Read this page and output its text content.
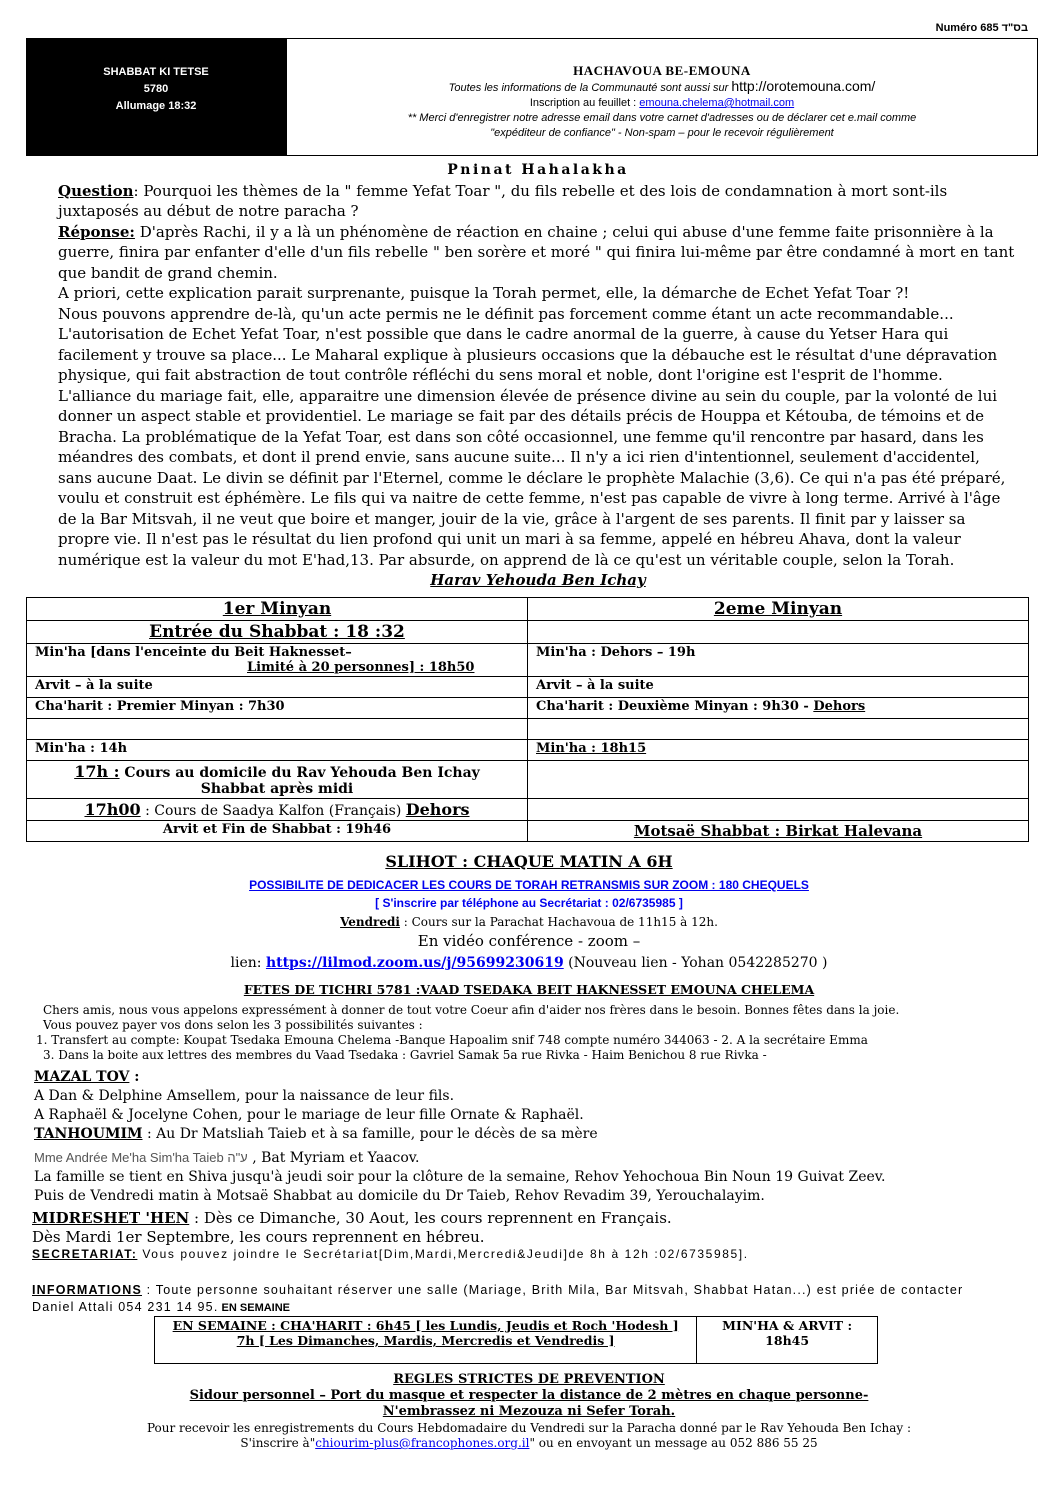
Numéro 685 בס"ד
SHABBAT KI TETSE
5780
Allumage 18:32
HACHAVOUA BE-EMOUNA
Toutes les informations de la Communauté sont aussi sur http://orotemouna.com/
Inscription au feuillet : emouna.chelema@hotmail.com
** Merci d'enregistrer notre adresse email dans votre carnet d'adresses ou de déclarer cet e.mail comme
"expéditeur de confiance" - Non-spam – pour le recevoir régulièrement
Pninat Hahalakha

Question: Pourquoi les thèmes de la " femme Yefat Toar ", du fils rebelle et des lois de condamnation à mort sont-ils juxtaposés au début de notre paracha ?

Réponse: D'après Rachi, il y a là un phénomène de réaction en chaine ; celui qui abuse d'une femme faite prisonnière à la guerre, finira par enfanter d'elle d'un fils rebelle " ben sorère et moré " qui finira lui-même par être condamné à mort en tant que bandit de grand chemin.

A priori, cette explication parait surprenante, puisque la Torah permet, elle, la démarche de Echet Yefat Toar ?!

Nous pouvons apprendre de-là, qu'un acte permis ne le définit pas forcement comme étant un acte recommandable... L'autorisation de Echet Yefat Toar, n'est possible que dans le cadre anormal de la guerre, à cause du Yetser Hara qui facilement y trouve sa place... Le Maharal explique à plusieurs occasions que la débauche est le résultat d'une dépravation physique, qui fait abstraction de tout contrôle réfléchi du sens moral et noble, dont l'origine est l'esprit de l'homme. L'alliance du mariage fait, elle, apparaitre une dimension élevée de présence divine au sein du couple, par la volonté de lui donner un aspect stable et providentiel. Le mariage se fait par des détails précis de Houppa et Kétouba, de témoins et de Bracha. La problématique de la Yefat Toar, est dans son côté occasionnel, une femme qu'il rencontre par hasard, dans les méandres des combats, et dont il prend envie, sans aucune suite... Il n'y a ici rien d'intentionnel, seulement d'accidentel, sans aucune Daat. Le divin se définit par l'Eternel, comme le déclare le prophète Malachie (3,6). Ce qui n'a pas été préparé, voulu et construit est éphémère. Le fils qui va naitre de cette femme, n'est pas capable de vivre à long terme. Arrivé à l'âge de la Bar Mitsvah, il ne veut que boire et manger, jouir de la vie, grâce à l'argent de ses parents. Il finit par y laisser sa propre vie. Il n'est pas le résultat du lien profond qui unit un mari à sa femme, appelé en hébreu Ahava, dont la valeur numérique est la valeur du mot E'had,13. Par absurde, on apprend de là ce qu'est un véritable couple, selon la Torah.

Harav Yehouda Ben Ichay
1er Minyan	2eme Minyan
Entrée du Shabbat : 18 :32	

Min'ha [dans l'enceinte du Beit Haknesset–
Limité à 20 personnes] : 18h50	Min'ha : Dehors – 19h
Arvit – à la suite	Arvit – à la suite
Cha'harit : Premier Minyan : 7h30	Cha'harit : Deuxième Minyan : 9h30 - Dehors

Min'ha : 14h	Min'ha : 18h15

17h : Cours au domicile du Rav Yehouda Ben Ichay
Shabbat après midi	

17h00 : Cours de Saadya Kalfon (Français) Dehors	
Arvit et Fin de Shabbat : 19h46	Motsaë Shabbat : Birkat Halevana
SLIHOT : CHAQUE MATIN A 6H
POSSIBILITE DE DEDICACER LES COURS DE TORAH RETRANSMIS SUR ZOOM : 180 CHEQUELS
[ S'inscrire par téléphone au Secrétariat : 02/6735985 ]
Vendredi : Cours sur la Parachat Hachavoua de 11h15 à 12h.
En vidéo conférence - zoom –
lien: https://lilmod.zoom.us/j/95699230619 (Nouveau lien - Yohan 0542285270 )
FETES DE TICHRI 5781 :VAAD TSEDAKA BEIT HAKNESSET EMOUNA CHELEMA
Chers amis, nous vous appelons expressément à donner de tout votre Coeur afin d'aider nos frères dans le besoin. Bonnes fêtes dans la joie.
Vous pouvez payer vos dons selon les 3 possibilités suivantes :
1. Transfert au compte: Koupat Tsedaka Emouna Chelema -Banque Hapoalim snif 748 compte numéro 344063 - 2. A la secrétaire Emma
3. Dans la boite aux lettres des membres du Vaad Tsedaka : Gavriel Samak 5a rue Rivka - Haim Benichou 8 rue Rivka -
MAZAL TOV :
A Dan & Delphine Amsellem, pour la naissance de leur fils.
A Raphaël & Jocelyne Cohen, pour le mariage de leur fille Ornate & Raphaël.
TANHOUMIM : Au Dr Matsliah Taieb et à sa famille, pour le décès de sa mère
Mme Andrée Me'ha Sim'ha Taieb ע"ה , Bat Myriam et Yaacov.
La famille se tient en Shiva jusqu'à jeudi soir pour la clôture de la semaine, Rehov Yehochoua Bin Noun 19 Guivat Zeev.
Puis de Vendredi matin à Motsaë Shabbat au domicile du Dr Taieb, Rehov Revadim 39, Yerouchalayim.
MIDRESHET 'HEN : Dès ce Dimanche, 30 Aout, les cours reprennent en Français.
Dès Mardi 1er Septembre, les cours reprennent en hébreu.
SECRETARIAT: Vous pouvez joindre le Secrétariat[Dim,Mardi,Mercredi&Jeudi]de 8h à 12h :02/6735985].
INFORMATIONS : Toute personne souhaitant réserver une salle (Mariage, Brith Mila, Bar Mitsvah, Shabbat Hatan...) est priée de contacter Daniel Attali 054 231 14 95. EN SEMAINE
EN SEMAINE : CHA'HARIT : 6h45 [ les Lundis, Jeudis et Roch 'Hodesh ]
7h [ Les Dimanches, Mardis, Mercredis et Vendredis ]
	MIN'HA & ARVIT : 18h45
REGLES STRICTES DE PREVENTION
Sidour personnel – Port du masque et respecter la distance de 2 mètres en chaque personne-
N'embrassez ni Mezouza ni Sefer Torah.
Pour recevoir les enregistrements du Cours Hebdomadaire du Vendredi sur la Paracha donné par le Rav Yehouda Ben Ichay :
S'inscrire à"chiourim-plus@francophones.org.il" ou en envoyant un message au 052 886 55 25
